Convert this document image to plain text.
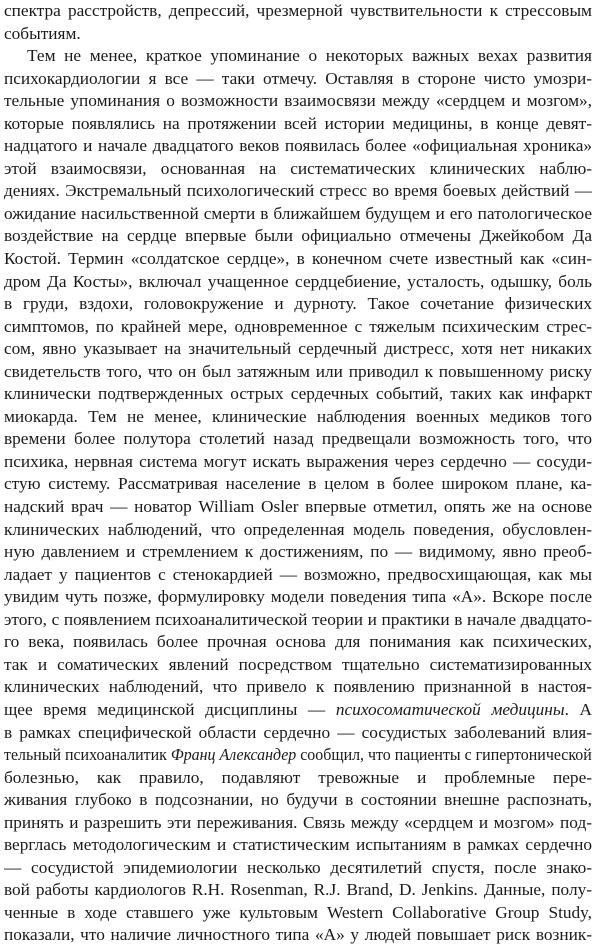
спектра расстройств, депрессий, чрезмерной чувствительности к стрессовым
событиям.
Тем не менее, краткое упоминание о некоторых важных вехах развития
психокардиологии я все — таки отмечу. Оставляя в стороне чисто умозри-
тельные упоминания о возможности взаимосвязи между «сердцем и мозгом»,
которые появлялись на протяжении всей истории медицины, в конце девят-
надцатого и начале двадцатого веков появилась более «официальная хроника»
этой взаимосвязи, основанная на систематических клинических наблю-
дениях. Экстремальный психологический стресс во время боевых действий —
ожидание насильственной смерти в ближайшем будущем и его патологическое
воздействие на сердце впервые были официально отмечены Джейкобом Да
Костой. Термин «солдатское сердце», в конечном счете известный как «син-
дром Да Косты», включал учащенное сердцебиение, усталость, одышку, боль
в груди, вздохи, головокружение и дурноту. Такое сочетание физических
симптомов, по крайней мере, одновременное с тяжелым психическим стрес-
сом, явно указывает на значительный сердечный дистресс, хотя нет никаких
свидетельств того, что он был затяжным или приводил к повышенному риску
клинически подтвержденных острых сердечных событий, таких как инфаркт
миокарда. Тем не менее, клинические наблюдения военных медиков того
времени более полутора столетий назад предвещали возможность того, что
психика, нервная система могут искать выражения через сердечно — сосуди-
стую систему. Рассматривая население в целом в более широком плане, ка-
надский врач — новатор William Osler впервые отметил, опять же на основе
клинических наблюдений, что определенная модель поведения, обусловлен-
ную давлением и стремлением к достижениям, по — видимому, явно преоб-
ладает у пациентов с стенокардией — возможно, предвосхищающая, как мы
увидим чуть позже, формулировку модели поведения типа «А». Вскоре после
этого, с появлением психоаналитической теории и практики в начале двадцато-
го века, появилась более прочная основа для понимания как психических,
так и соматических явлений посредством тщательно систематизированных
клинических наблюдений, что привело к появлению признанной в настоя-
щее время медицинской дисциплины — психосоматической медицины. А
в рамках специфической области сердечно — сосудистых заболеваний влия-
тельный психоаналитик Франц Александер сообщил, что пациенты с гипертонической
болезнью, как правило, подавляют тревожные и проблемные пере-
живания глубоко в подсознании, но будучи в состоянии внешне распознать,
принять и разрешить эти переживания. Связь между «сердцем и мозгом» под-
верглась методологическим и статистическим испытаниям в рамках сердечно
— сосудистой эпидемиологии несколько десятилетий спустя, после знако-
вой работы кардиологов R.H. Rosenman, R.J. Brand, D. Jenkins. Данные, полу-
ченные в ходе ставшего уже культовым Western Collaborative Group Study,
показали, что наличие личностного типа «А» у людей повышает риск возник-
